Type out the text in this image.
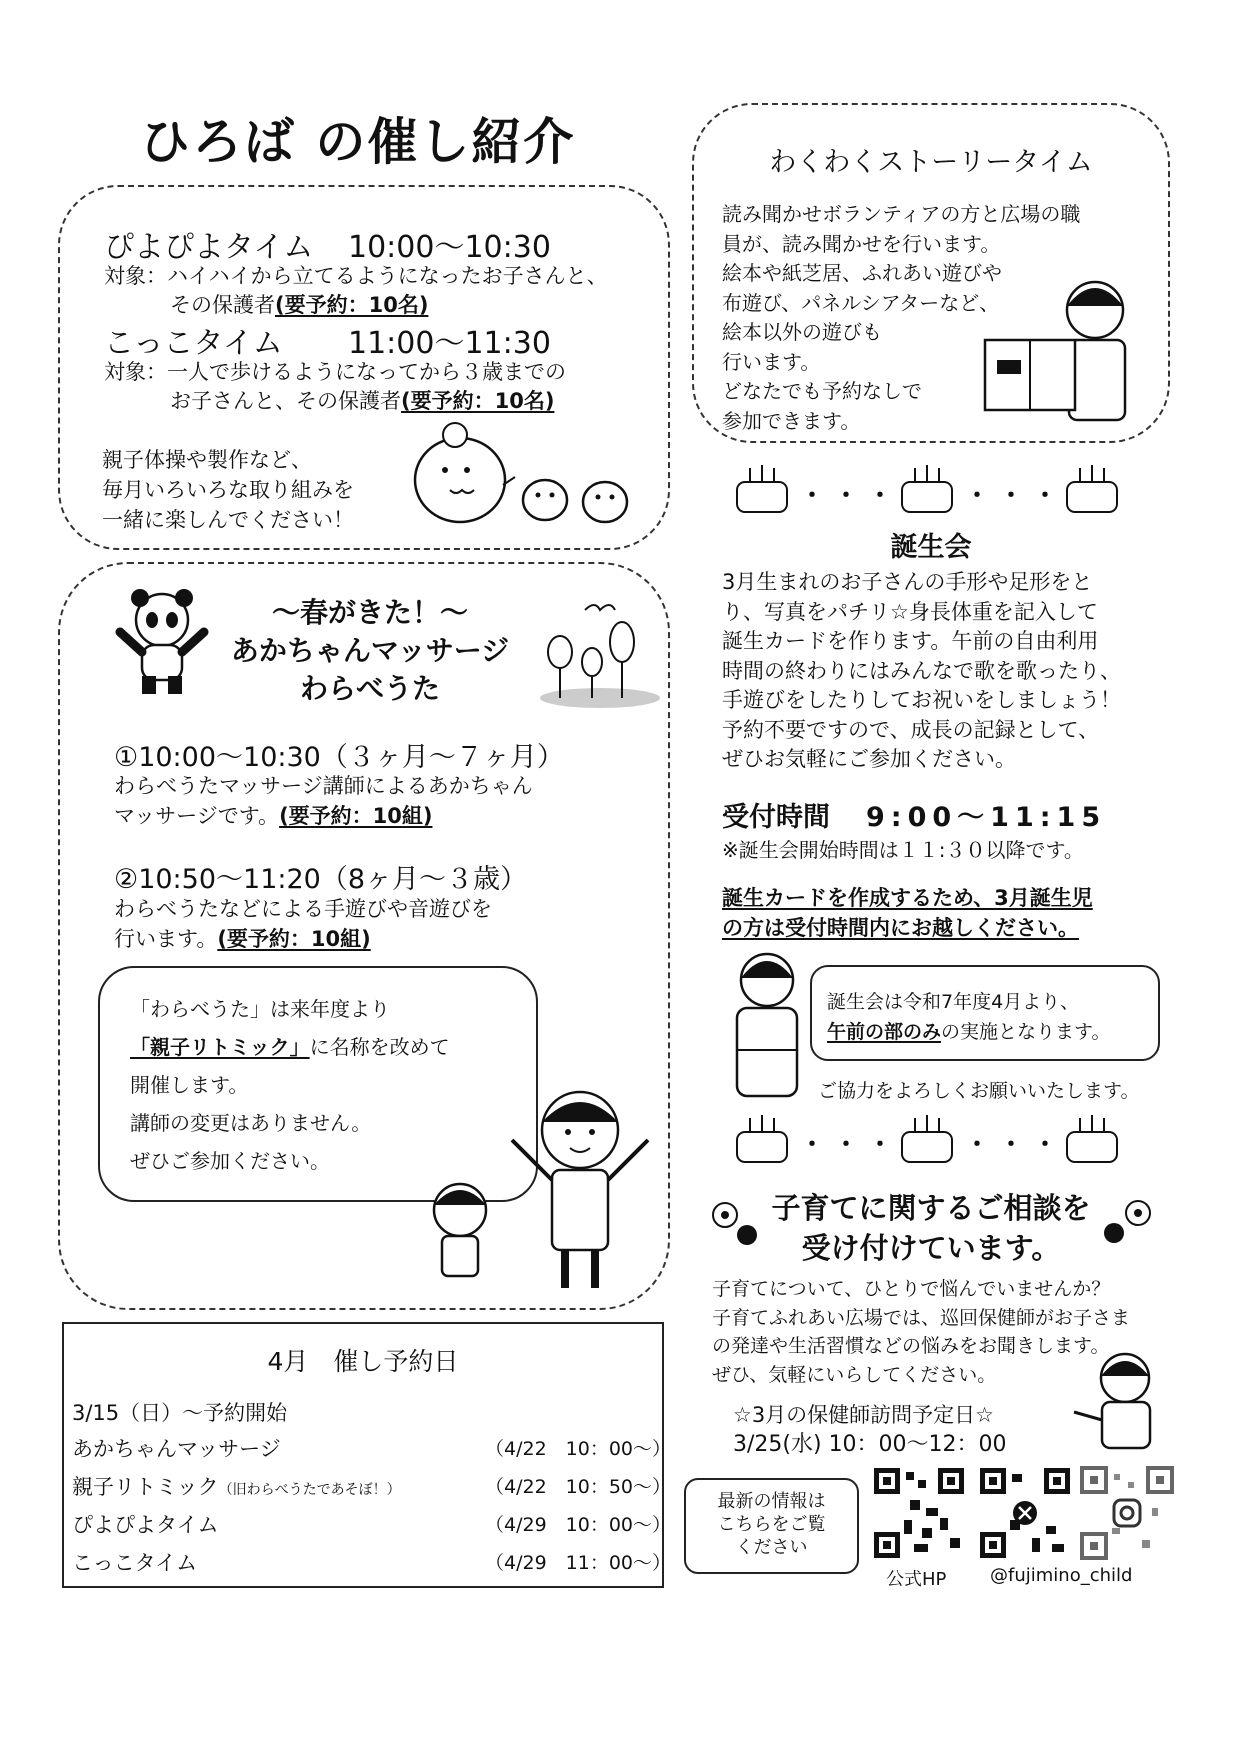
ひろば の催し紹介
ぴよぴよタイム 10:00～10:30
対象：ハイハイから立てるようになったお子さんと、
その保護者(要予約：10名)
こっこタイム 11:00～11:30
対象：一人で歩けるようになってから３歳までの
お子さんと、その保護者(要予約：10名)
親子体操や製作など、
毎月いろいろな取り組みを
一緒に楽しんでください！
～春がきた！～
あかちゃんマッサージ
わらべうた
①10:00～10:30（３ヶ月～７ヶ月）
わらべうたマッサージ講師によるあかちゃん
マッサージです。(要予約：10組)
②10:50～11:20（8ヶ月～３歳）
わらべうたなどによる手遊びや音遊びを
行います。(要予約：10組)
「わらべうた」は来年度より
「親子リトミック」に名称を改めて
開催します。
講師の変更はありません。
ぜひご参加ください。
4月　催し予約日
3/15（日）～予約開始
あかちゃんマッサージ	（4/22　10：00～）
親子リトミック（旧わらべうたであそぼ！）	（4/22　10：50～）
ぴよぴよタイム	（4/29　10：00～）
こっこタイム	（4/29　11：00～）
わくわくストーリータイム
読み聞かせボランティアの方と広場の職
員が、読み聞かせを行います。
絵本や紙芝居、ふれあい遊びや
布遊び、パネルシアターなど、
絵本以外の遊びも
行います。
どなたでも予約なしで
参加できます。
・・・	・・・
誕生会
3月生まれのお子さんの手形や足形をと
り、写真をパチリ☆身長体重を記入して
誕生カードを作ります。午前の自由利用
時間の終わりにはみんなで歌を歌ったり、
手遊びをしたりしてお祝いをしましょう！
予約不要ですので、成長の記録として、
ぜひお気軽にご参加ください。
受付時間 9:00～11:15
※誕生会開始時間は１１:３０以降です。
誕生カードを作成するため、3月誕生児
の方は受付時間内にお越しください。
誕生会は令和7年度4月より、
午前の部のみの実施となります。
ご協力をよろしくお願いいたします。
・・・	・・・
子育てに関するご相談を
受け付けています。
子育てについて、ひとりで悩んでいませんか？
子育てふれあい広場では、巡回保健師がお子さま
の発達や生活習慣などの悩みをお聞きします。
ぜひ、気軽にいらしてください。
☆3月の保健師訪問予定日☆
3/25(水) 10：00～12：00
最新の情報は
こちらをご覧
ください
公式HP @fujimino_child
